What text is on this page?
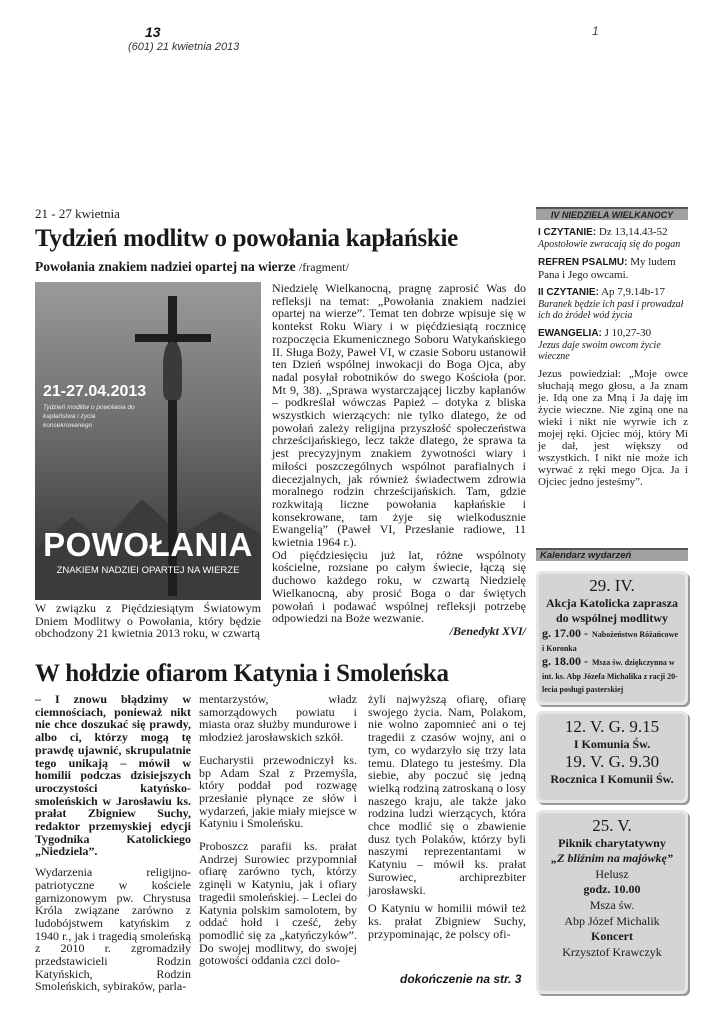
13
(601) 21 kwietnia 2013
1
21 - 27 kwietnia
Tydzień modlitw o powołania kapłańskie
Powołania znakiem nadziei opartej na wierze /fragment/
21-27.04.2013
Tydzień modlitw o powołania do kapłaństwa i życia konsekrowanego
POWOŁANIA
ZNAKIEM NADZIEI OPARTEJ NA WIERZE
W związku z Pięćdziesiątym Światowym Dniem Modlitwy o Powołania, który będzie obchodzony 21 kwietnia 2013 roku, w czwartą

Niedzielę Wielkanocną, pragnę zaprosić Was do refleksji na temat: „Powołania znakiem nadziei opartej na wierze”. Temat ten dobrze wpisuje się w kontekst Roku Wiary i w pięćdziesiątą rocznicę rozpoczęcia Ekumenicznego Soboru Watykańskiego II. Sługa Boży, Paweł VI, w czasie Soboru ustanowił ten Dzień wspólnej inwokacji do Boga Ojca, aby nadal posyłał robotników do swego Kościoła (por. Mt 9, 38). „Sprawa wystarczającej liczby kapłanów – podkreślał wówczas Papież – dotyka z bliska wszystkich wierzących: nie tylko dlatego, że od powołań zależy religijna przyszłość społeczeństwa chrześcijańskiego, lecz także dlatego, że sprawa ta jest precyzyjnym znakiem żywotności wiary i miłości poszczególnych wspólnot parafialnych i diecezjalnych, jak również świadectwem zdrowia moralnego rodzin chrześcijańskich. Tam, gdzie rozkwitają liczne powołania kapłańskie i konsekrowane, tam żyje się wielkodusznie Ewangelią” (Paweł VI, Przesłanie radiowe, 11 kwietnia 1964 r.).

Od pięćdziesięciu już lat, różne wspólnoty kościelne, rozsiane po całym świecie, łączą się duchowo każdego roku, w czwartą Niedzielę Wielkanocną, aby prosić Boga o dar świętych powołań i podawać wspólnej refleksji potrzebę odpowiedzi na Boże wezwanie.

/Benedykt XVI/

W hołdzie ofiarom Katynia i Smoleńska

– I znowu błądzimy w ciemnościach, ponieważ nikt nie chce doszukać się prawdy, albo ci, którzy mogą tę prawdę ujawnić, skrupulatnie tego unikają – mówił w homilii podczas dzisiejszych uroczystości katyńsko-smoleńskich w Jarosławiu ks. prałat Zbigniew Suchy, redaktor przemyskiej edycji Tygodnika Katolickiego „Niedziela”.

Wydarzenia religijno-patriotyczne w kościele garnizonowym pw. Chrystusa Króla związane zarówno z ludobójstwem katyńskim z 1940 r., jak i tragedią smoleńską z 2010 r. zgromadziły przedstawicieli Rodzin Katyńskich, Rodzin Smoleńskich, sybiraków, parla-

mentarzystów, władz samorządowych powiatu i miasta oraz służby mundurowe i młodzież jarosławskich szkół.

Eucharystii przewodniczył ks. bp Adam Szal z Przemyśla, który poddał pod rozwagę przesłanie płynące ze słów i wydarzeń, jakie miały miejsce w Katyniu i Smoleńsku.

Proboszcz parafii ks. prałat Andrzej Surowiec przypomniał ofiarę zarówno tych, którzy zginęli w Katyniu, jak i ofiary tragedii smoleńskiej. – Leclei do Katynia polskim samolotem, by oddać hołd i cześć, żeby pomodlić się za „katyńczyków”. Do swojej modlitwy, do swojej gotowości oddania czci dolo-

żyli najwyższą ofiarę, ofiarę swojego życia. Nam, Polakom, nie wolno zapomnieć ani o tej tragedii z czasów wojny, ani o tym, co wydarzyło się trzy lata temu. Dlatego tu jesteśmy. Dla siebie, aby poczuć się jedną wielką rodziną zatroskaną o losy naszego kraju, ale także jako rodzina ludzi wierzących, która chce modlić się o zbawienie dusz tych Polaków, którzy byli naszymi reprezentantami w Katyniu – mówił ks. prałat Surowiec, archiprezbiter jarosławski.

O Katyniu w homilii mówił też ks. prałat Zbigniew Suchy, przypominając, że polscy ofi-

dokończenie na str. 3
IV NIEDZIELA WIELKANOCY
I CZYTANIE: Dz 13,14.43-52
Apostołowie zwracają się do pogan
REFREN PSALMU: My ludem Pana i Jego owcami.
II CZYTANIE: Ap 7,9.14b-17
Baranek będzie ich pasł i prowadzał ich do źródeł wód życia
EWANGELIA: J 10,27-30
Jezus daje swoim owcom życie wieczne
Jezus powiedział: „Moje owce słuchają mego głosu, a Ja znam je. Idą one za Mną i Ja daję im życie wieczne. Nie zginą one na wieki i nikt nie wyrwie ich z mojej ręki. Ojciec mój, który Mi je dał, jest większy od wszystkich. I nikt nie może ich wyrwać z ręki mego Ojca. Ja i Ojciec jedno jesteśmy”.
Kalendarz wydarzeń
29. IV.
Akcja Katolicka zaprasza do wspólnej modlitwy
g. 17.00 - Nabożeństwo Różańcowe i Koronka
g. 18.00 - Msza św. dziękczynna w int. ks. Abp Józefa Michalika z racji 20-lecia posługi pasterskiej
12. V. G. 9.15
I Komunia Św.
19. V. G. 9.30
Rocznica I Komunii Św.
25. V.
Piknik charytatywny
„Z bliźnim na majówkę”
Helusz
godz. 10.00
Msza św.
Abp Józef Michalik
Koncert
Krzysztof Krawczyk
